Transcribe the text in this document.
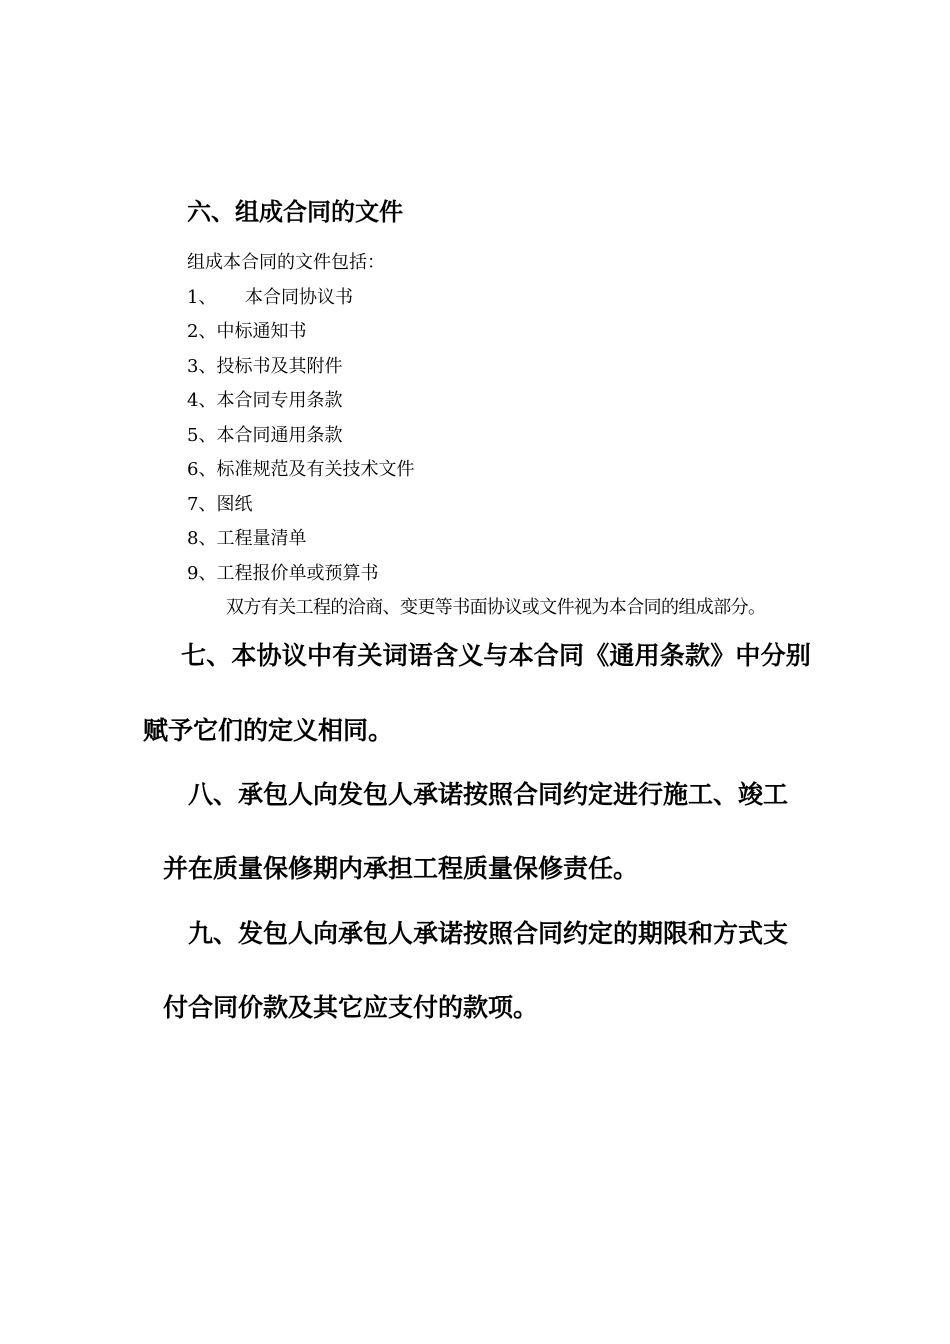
六、组成合同的文件
组成本合同的文件包括：
1、 本合同协议书
2、中标通知书
3、投标书及其附件
4、本合同专用条款
5、本合同通用条款
6、标准规范及有关技术文件
7、图纸
8、工程量清单
9、工程报价单或预算书
双方有关工程的洽商、变更等书面协议或文件视为本合同的组成部分。
七、本协议中有关词语含义与本合同《通用条款》中分别
赋予它们的定义相同。
八、承包人向发包人承诺按照合同约定进行施工、竣工
并在质量保修期内承担工程质量保修责任。
九、发包人向承包人承诺按照合同约定的期限和方式支
付合同价款及其它应支付的款项。
